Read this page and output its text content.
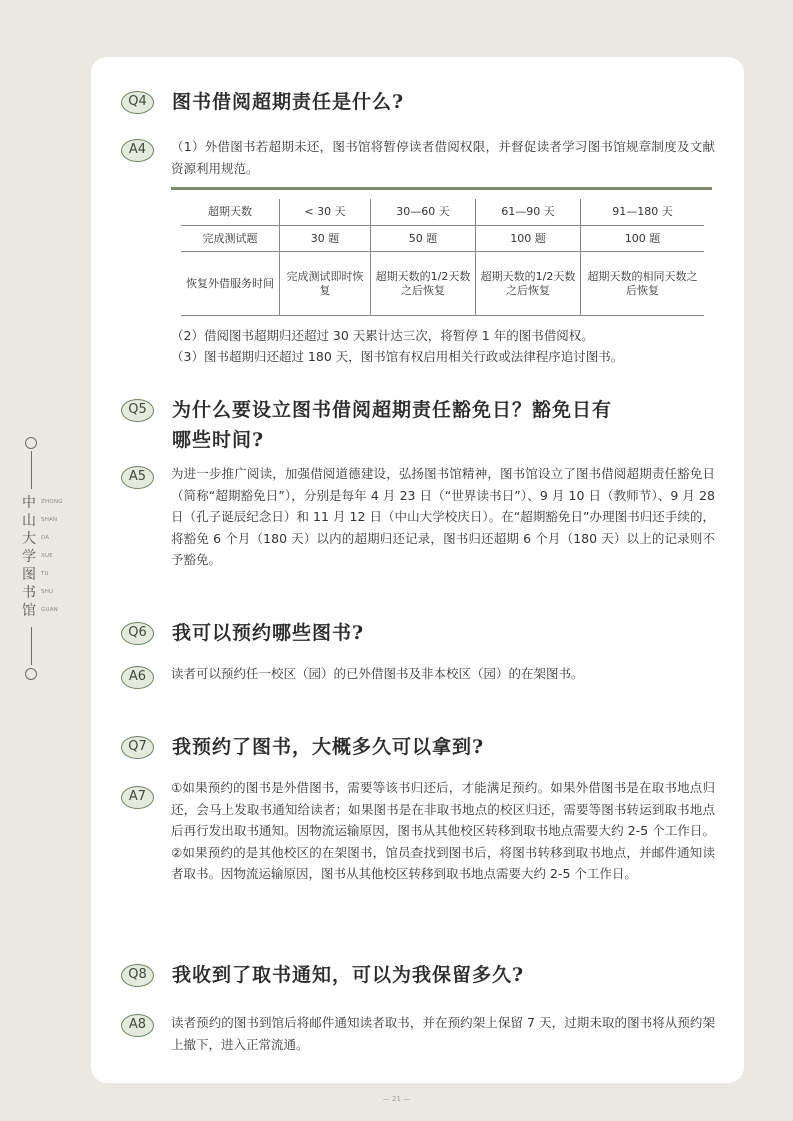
中 ZHONG
山 SHAN
大 DA
学 XUE
图 TU
书 SHU
馆 GUAN
Q4	图书借阅超期责任是什么?
A4	（1）外借图书若超期未还，图书馆将暂停读者借阅权限，并督促读者学习图书馆规章制度及文献资源利用规范。

超期天数	< 30 天	30—60 天	61—90 天	91—180 天
完成测试题	30 题	50 题	100 题	100 题
恢复外借服务时间	完成测试即时恢复	超期天数的1/2天数之后恢复	超期天数的1/2天数之后恢复	超期天数的相同天数之后恢复

（2）借阅图书超期归还超过 30 天累计达三次，将暂停 1 年的图书借阅权。

（3）图书超期归还超过 180 天，图书馆有权启用相关行政或法律程序追讨图书。

Q5	为什么要设立图书借阅超期责任豁免日？豁免日有
哪些时间?
A5	为进一步推广阅读，加强借阅道德建设，弘扬图书馆精神，图书馆设立了图书借阅超期责任豁免日（简称“超期豁免日”），分别是每年 4 月 23 日（“世界读书日”）、9 月 10 日（教师节）、9 月 28 日（孔子诞辰纪念日）和 11 月 12 日（中山大学校庆日）。在“超期豁免日”办理图书归还手续的，将豁免 6 个月（180 天）以内的超期归还记录，图书归还超期 6 个月（180 天）以上的记录则不予豁免。

Q6	我可以预约哪些图书?
A6	读者可以预约任一校区（园）的已外借图书及非本校区（园）的在架图书。

Q7	我预约了图书，大概多久可以拿到?
A7

①如果预约的图书是外借图书，需要等该书归还后，才能满足预约。如果外借图书是在取书地点归还，会马上发取书通知给读者；如果图书是在非取书地点的校区归还，需要等图书转运到取书地点后再行发出取书通知。因物流运输原因，图书从其他校区转移到取书地点需要大约 2-5 个工作日。②如果预约的是其他校区的在架图书，馆员查找到图书后，将图书转移到取书地点，并邮件通知读者取书。因物流运输原因，图书从其他校区转移到取书地点需要大约 2-5 个工作日。

Q8	我收到了取书通知，可以为我保留多久?
A8	读者预约的图书到馆后将邮件通知读者取书，并在预约架上保留 7 天，过期未取的图书将从预约架上撤下，进入正常流通。

— 21 —
